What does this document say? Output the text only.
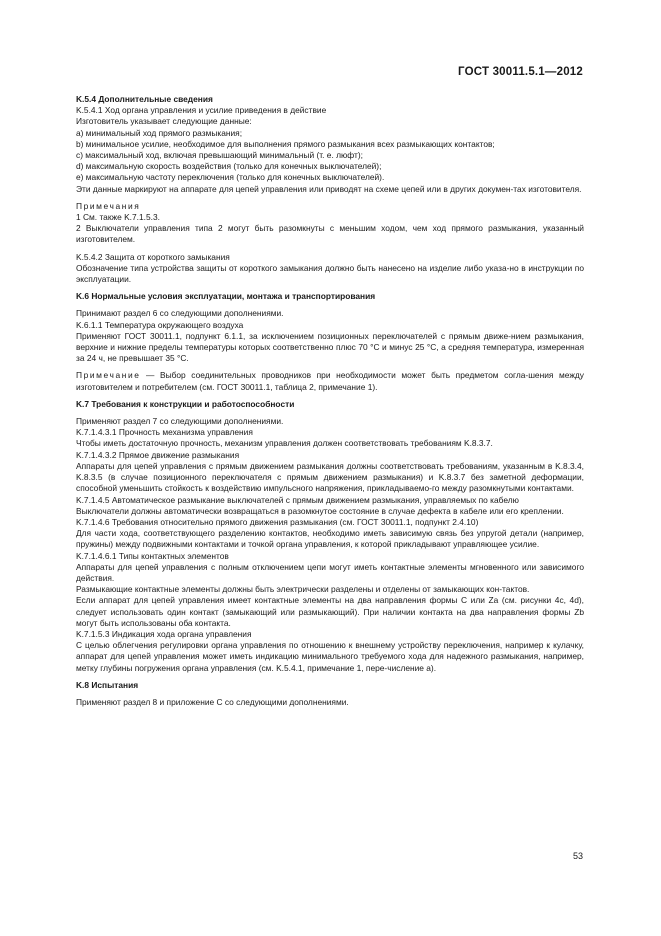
ГОСТ 30011.5.1—2012

K.5.4 Дополнительные сведения

K.5.4.1 Ход органа управления и усилие приведения в действие

Изготовитель указывает следующие данные:

a) минимальный ход прямого размыкания;

b) минимальное усилие, необходимое для выполнения прямого размыкания всех размыкающих контактов;

c) максимальный ход, включая превышающий минимальный (т. е. люфт);

d) максимальную скорость воздействия (только для конечных выключателей);

e) максимальную частоту переключения (только для конечных выключателей).

Эти данные маркируют на аппарате для цепей управления или приводят на схеме цепей или в других докумен-тах изготовителя.

Примечания

1 См. также K.7.1.5.3.

2 Выключатели управления типа 2 могут быть разомкнуты с меньшим ходом, чем ход прямого размыкания, указанный изготовителем.

K.5.4.2 Защита от короткого замыкания

Обозначение типа устройства защиты от короткого замыкания должно быть нанесено на изделие либо указа-но в инструкции по эксплуатации.

K.6 Нормальные условия эксплуатации, монтажа и транспортирования

Принимают раздел 6 со следующими дополнениями.

K.6.1.1 Температура окружающего воздуха

Применяют ГОСТ 30011.1, подпункт 6.1.1, за исключением позиционных переключателей с прямым движе-нием размыкания, верхние и нижние пределы температуры которых соответственно плюс 70 °С и минус 25 °С, а средняя температура, измеренная за 24 ч, не превышает 35 °С.

Примечание — Выбор соединительных проводников при необходимости может быть предметом согла-шения между изготовителем и потребителем (см. ГОСТ 30011.1, таблица 2, примечание 1).

K.7 Требования к конструкции и работоспособности

Применяют раздел 7 со следующими дополнениями.

K.7.1.4.3.1 Прочность механизма управления

Чтобы иметь достаточную прочность, механизм управления должен соответствовать требованиям K.8.3.7.

K.7.1.4.3.2 Прямое движение размыкания

Аппараты для цепей управления с прямым движением размыкания должны соответствовать требованиям, указанным в K.8.3.4, K.8.3.5 (в случае позиционного переключателя с прямым движением размыкания) и K.8.3.7 без заметной деформации, способной уменьшить стойкость к воздействию импульсного напряжения, прикладываемо-го между разомкнутыми контактами.

K.7.1.4.5 Автоматическое размыкание выключателей с прямым движением размыкания, управляемых по кабелю

Выключатели должны автоматически возвращаться в разомкнутое состояние в случае дефекта в кабеле или его креплении.

K.7.1.4.6 Требования относительно прямого движения размыкания (см. ГОСТ 30011.1, подпункт 2.4.10)

Для части хода, соответствующего разделению контактов, необходимо иметь зависимую связь без упругой детали (например, пружины) между подвижными контактами и точкой органа управления, к которой прикладывают управляющее усилие.

K.7.1.4.6.1 Типы контактных элементов

Аппараты для цепей управления с полным отключением цепи могут иметь контактные элементы мгновенного или зависимого действия.

Размыкающие контактные элементы должны быть электрически разделены и отделены от замыкающих кон-тактов.

Если аппарат для цепей управления имеет контактные элементы на два направления формы C или Za (см. рисунки 4c, 4d), следует использовать один контакт (замыкающий или размыкающий). При наличии контакта на два направления формы Zb могут быть использованы оба контакта.

K.7.1.5.3 Индикация хода органа управления

С целью облегчения регулировки органа управления по отношению к внешнему устройству переключения, например к кулачку, аппарат для цепей управления может иметь индикацию минимального требуемого хода для надежного размыкания, например, метку глубины погружения органа управления (см. K.5.4.1, примечание 1, пере-числение а).

K.8 Испытания

Применяют раздел 8 и приложение C со следующими дополнениями.

53
